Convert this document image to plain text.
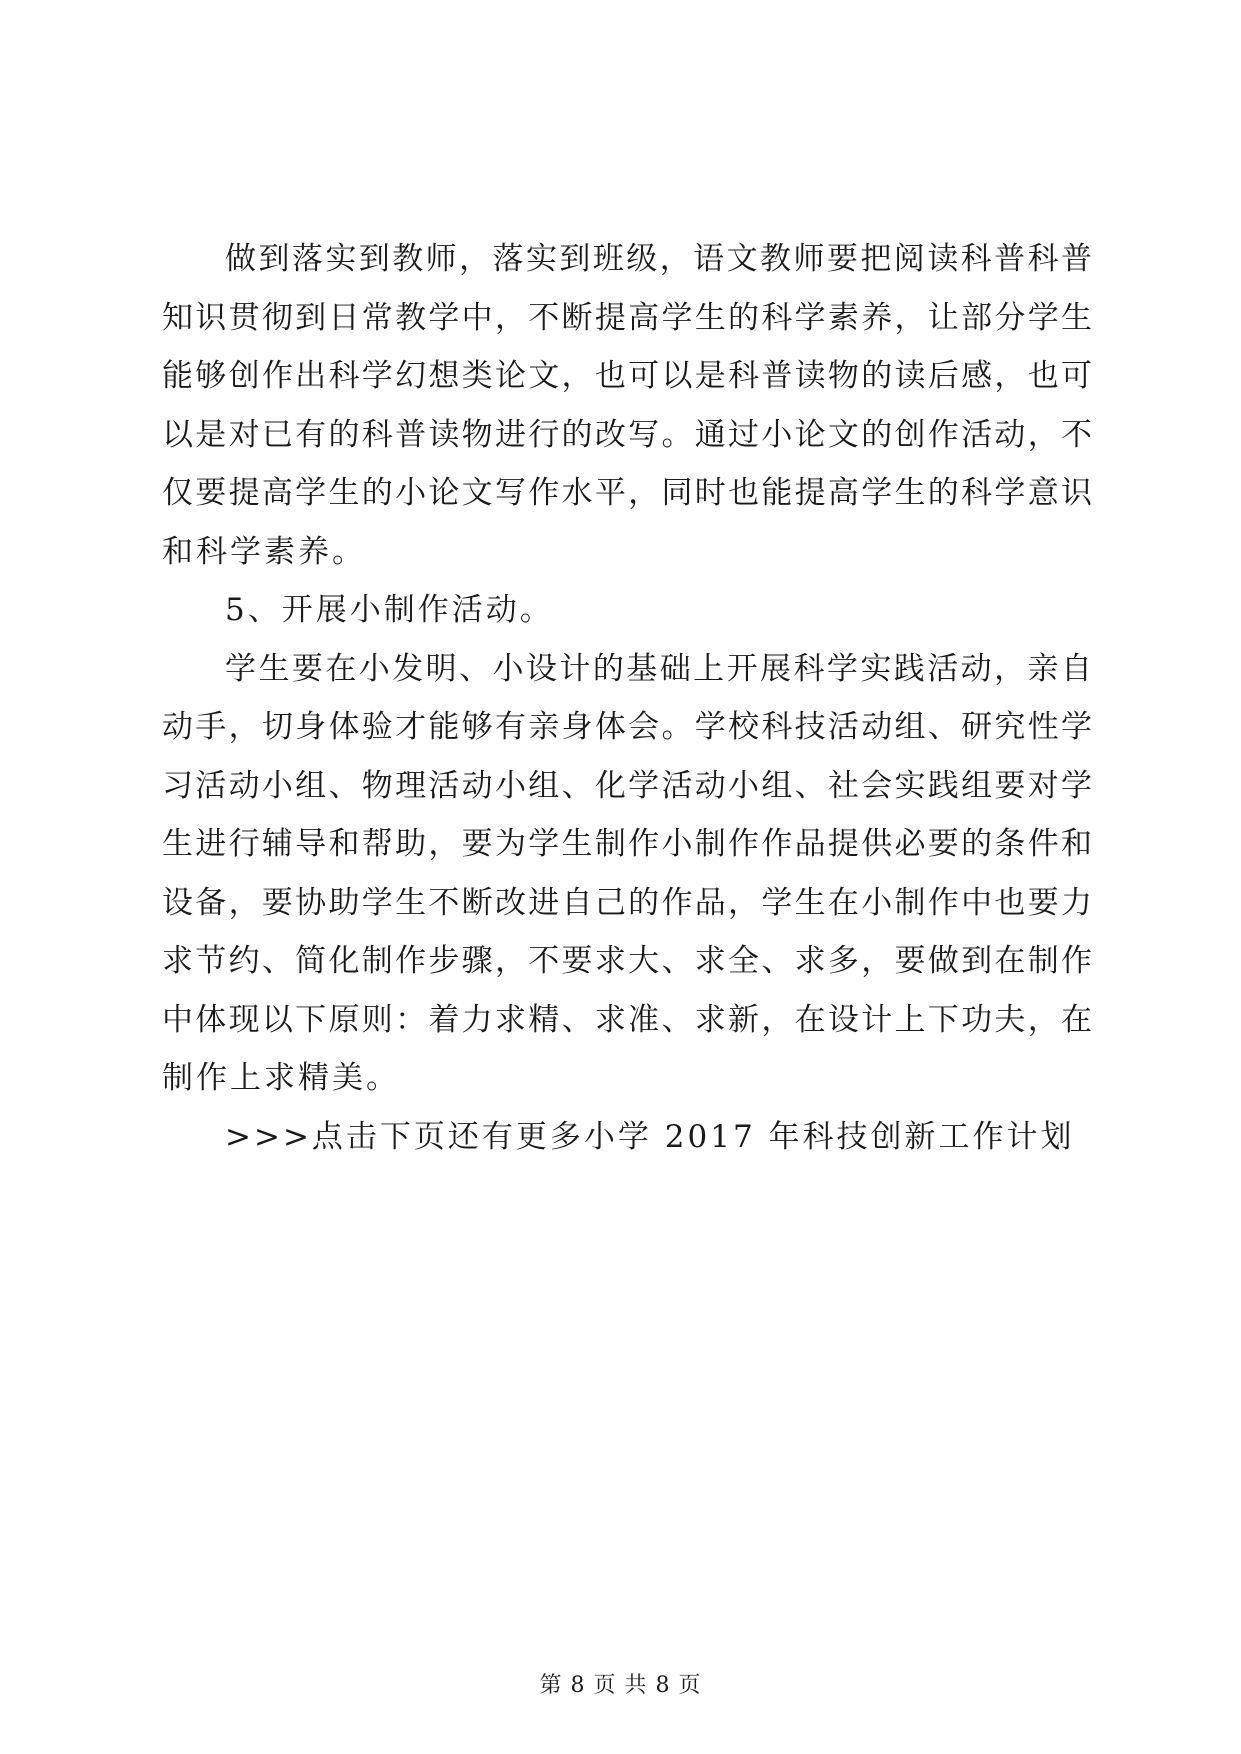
做到落实到教师，落实到班级，语文教师要把阅读科普科普
知识贯彻到日常教学中，不断提高学生的科学素养，让部分学生
能够创作出科学幻想类论文，也可以是科普读物的读后感，也可
以是对已有的科普读物进行的改写。通过小论文的创作活动，不
仅要提高学生的小论文写作水平，同时也能提高学生的科学意识
和科学素养。
5、开展小制作活动。
学生要在小发明、小设计的基础上开展科学实践活动，亲自
动手，切身体验才能够有亲身体会。学校科技活动组、研究性学
习活动小组、物理活动小组、化学活动小组、社会实践组要对学
生进行辅导和帮助，要为学生制作小制作作品提供必要的条件和
设备，要协助学生不断改进自己的作品，学生在小制作中也要力
求节约、简化制作步骤，不要求大、求全、求多，要做到在制作
中体现以下原则：着力求精、求准、求新，在设计上下功夫，在
制作上求精美。
>>>点击下页还有更多小学 2017 年科技创新工作计划
第 8 页 共 8 页
